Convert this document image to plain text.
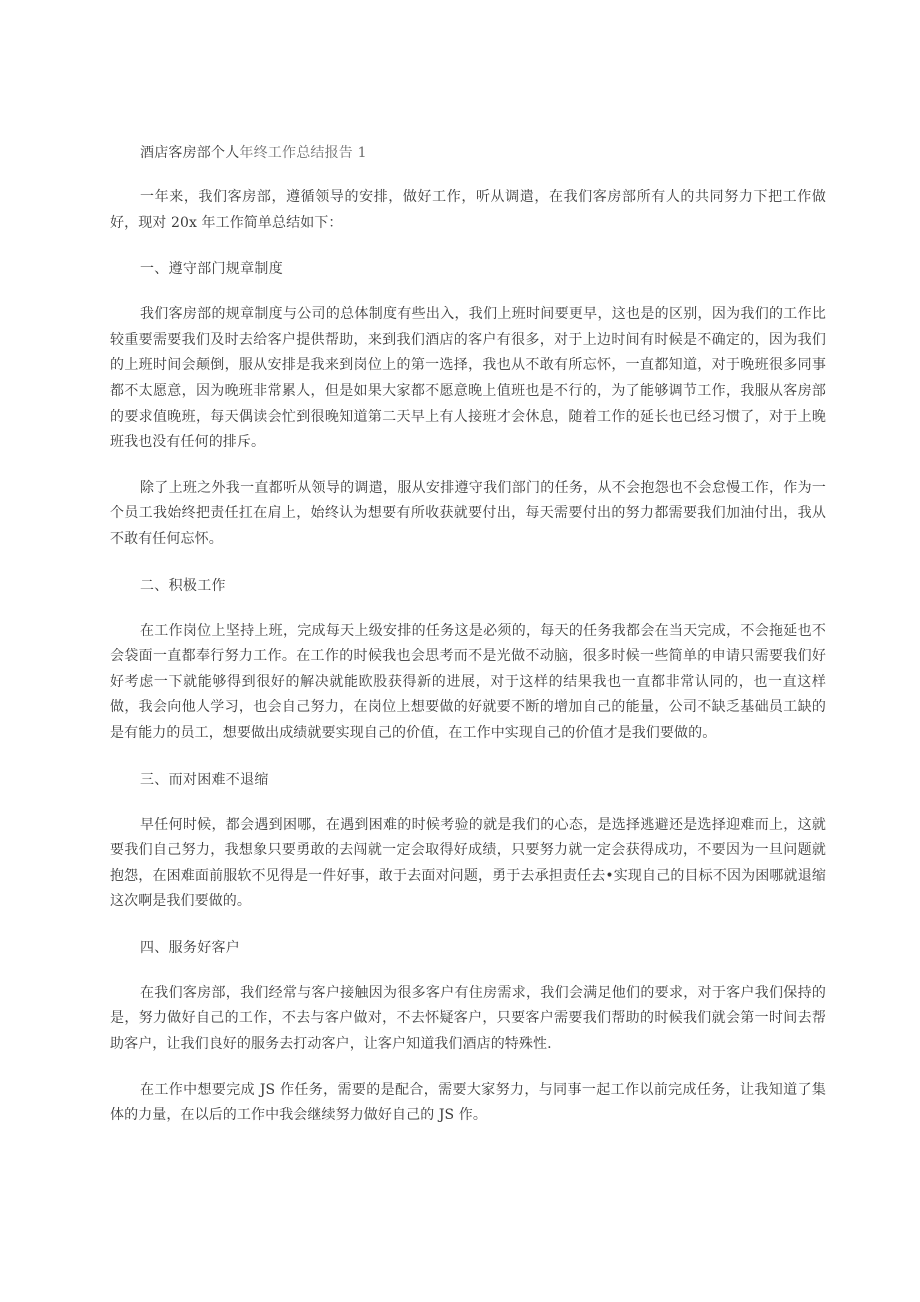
酒店客房部个人年终工作总结报告 1

一年来，我们客房部，遵循领导的安排，做好工作，听从调遣，在我们客房部所有人的共同努力下把工作做好，现对 20x 年工作简单总结如下：

一、遵守部门规章制度

我们客房部的规章制度与公司的总体制度有些出入，我们上班时间要更早，这也是的区别，因为我们的工作比较重要需要我们及时去给客户提供帮助，来到我们酒店的客户有很多，对于上边时间有时候是不确定的，因为我们的上班时间会颠倒，服从安排是我来到岗位上的第一选择，我也从不敢有所忘怀，一直都知道，对于晚班很多同事都不太愿意，因为晚班非常累人，但是如果大家都不愿意晚上值班也是不行的，为了能够调节工作，我服从客房部的要求值晚班，每天偶读会忙到很晚知道第二天早上有人接班才会休息，随着工作的延长也已经习惯了，对于上晚班我也没有任何的排斥。

除了上班之外我一直都听从领导的调遣，服从安排遵守我们部门的任务，从不会抱怨也不会怠慢工作，作为一个员工我始终把责任扛在肩上，始终认为想要有所收获就要付出，每天需要付出的努力都需要我们加油付出，我从不敢有任何忘怀。

二、积极工作

在工作岗位上坚持上班，完成每天上级安排的任务这是必须的，每天的任务我都会在当天完成，不会拖延也不会袋面一直都奉行努力工作。在工作的时候我也会思考而不是光做不动脑，很多时候一些简单的申请只需要我们好好考虑一下就能够得到很好的解决就能欧股获得新的进展，对于这样的结果我也一直都非常认同的，也一直这样做，我会向他人学习，也会自己努力，在岗位上想要做的好就要不断的增加自己的能量，公司不缺乏基础员工缺的是有能力的员工，想要做出成绩就要实现自己的价值，在工作中实现自己的价值才是我们要做的。

三、而对困难不退缩

早任何时候，都会遇到困哪，在遇到困难的时候考验的就是我们的心态，是选择逃避还是选择迎难而上，这就要我们自己努力，我想象只要勇敢的去闯就一定会取得好成绩，只要努力就一定会获得成功，不要因为一旦问题就抱怨，在困难面前服软不见得是一件好事，敢于去面对问题，勇于去承担责任去•实现自己的目标不因为困哪就退缩这次啊是我们要做的。

四、服务好客户

在我们客房部，我们经常与客户接触因为很多客户有住房需求，我们会满足他们的要求，对于客户我们保持的是，努力做好自己的工作，不去与客户做对，不去怀疑客户，只要客户需要我们帮助的时候我们就会第一时间去帮助客户，让我们良好的服务去打动客户，让客户知道我们酒店的特殊性.

在工作中想要完成 JS 作任务，需要的是配合，需要大家努力，与同事一起工作以前完成任务，让我知道了集体的力量，在以后的工作中我会继续努力做好自己的 JS 作。
